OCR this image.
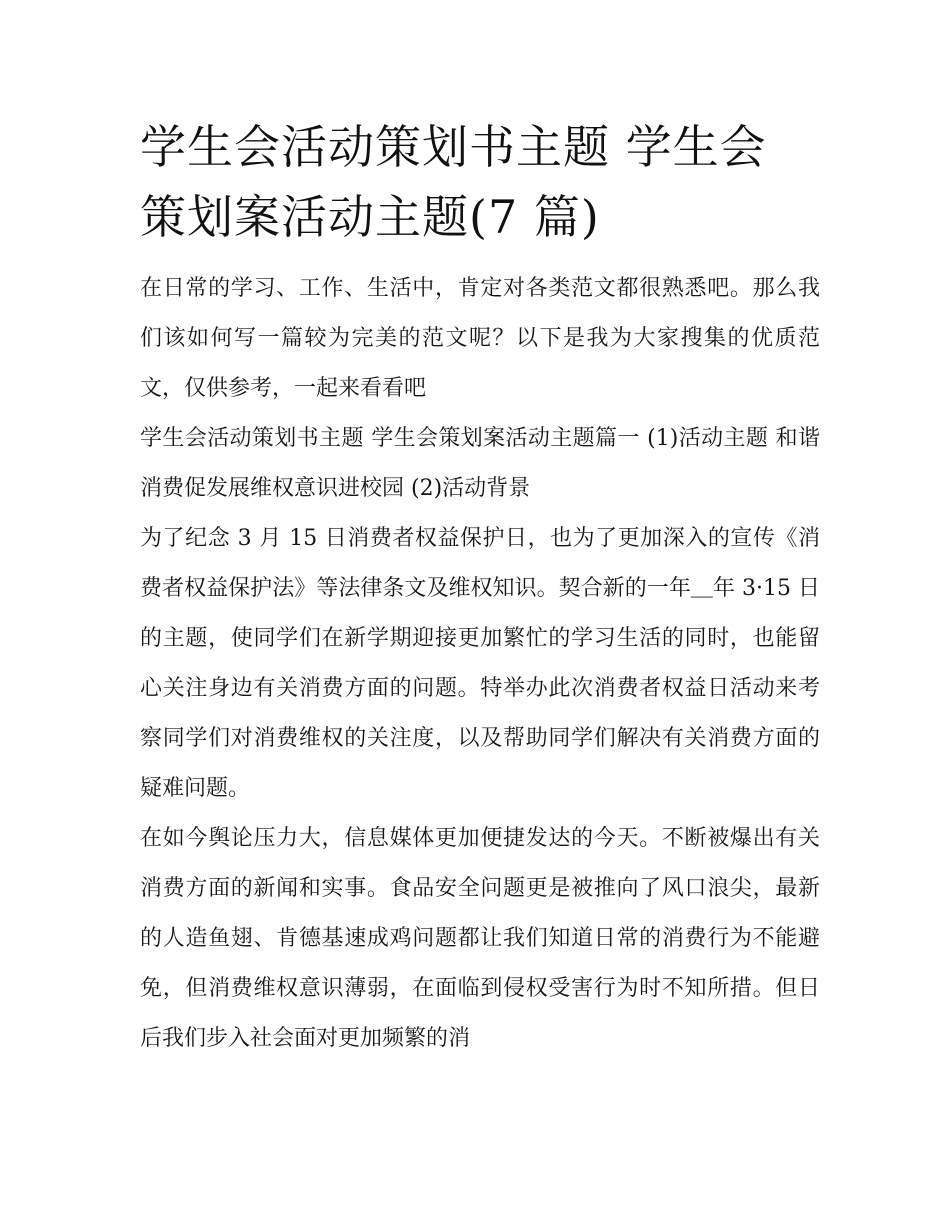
学生会活动策划书主题 学生会
策划案活动主题(7 篇)

在日常的学习、工作、生活中，肯定对各类范文都很熟悉吧。那么我们该如何写一篇较为完美的范文呢？以下是我为大家搜集的优质范文，仅供参考，一起来看看吧

学生会活动策划书主题 学生会策划案活动主题篇一 (1)活动主题 和谐消费促发展维权意识进校园 (2)活动背景

为了纪念 3 月 15 日消费者权益保护日，也为了更加深入的宣传《消费者权益保护法》等法律条文及维权知识。契合新的一年＿年 3·15 日的主题，使同学们在新学期迎接更加繁忙的学习生活的同时，也能留心关注身边有关消费方面的问题。特举办此次消费者权益日活动来考察同学们对消费维权的关注度，以及帮助同学们解决有关消费方面的疑难问题。

在如今舆论压力大，信息媒体更加便捷发达的今天。不断被爆出有关消费方面的新闻和实事。食品安全问题更是被推向了风口浪尖，最新的人造鱼翅、肯德基速成鸡问题都让我们知道日常的消费行为不能避免，但消费维权意识薄弱，在面临到侵权受害行为时不知所措。但日后我们步入社会面对更加频繁的消
